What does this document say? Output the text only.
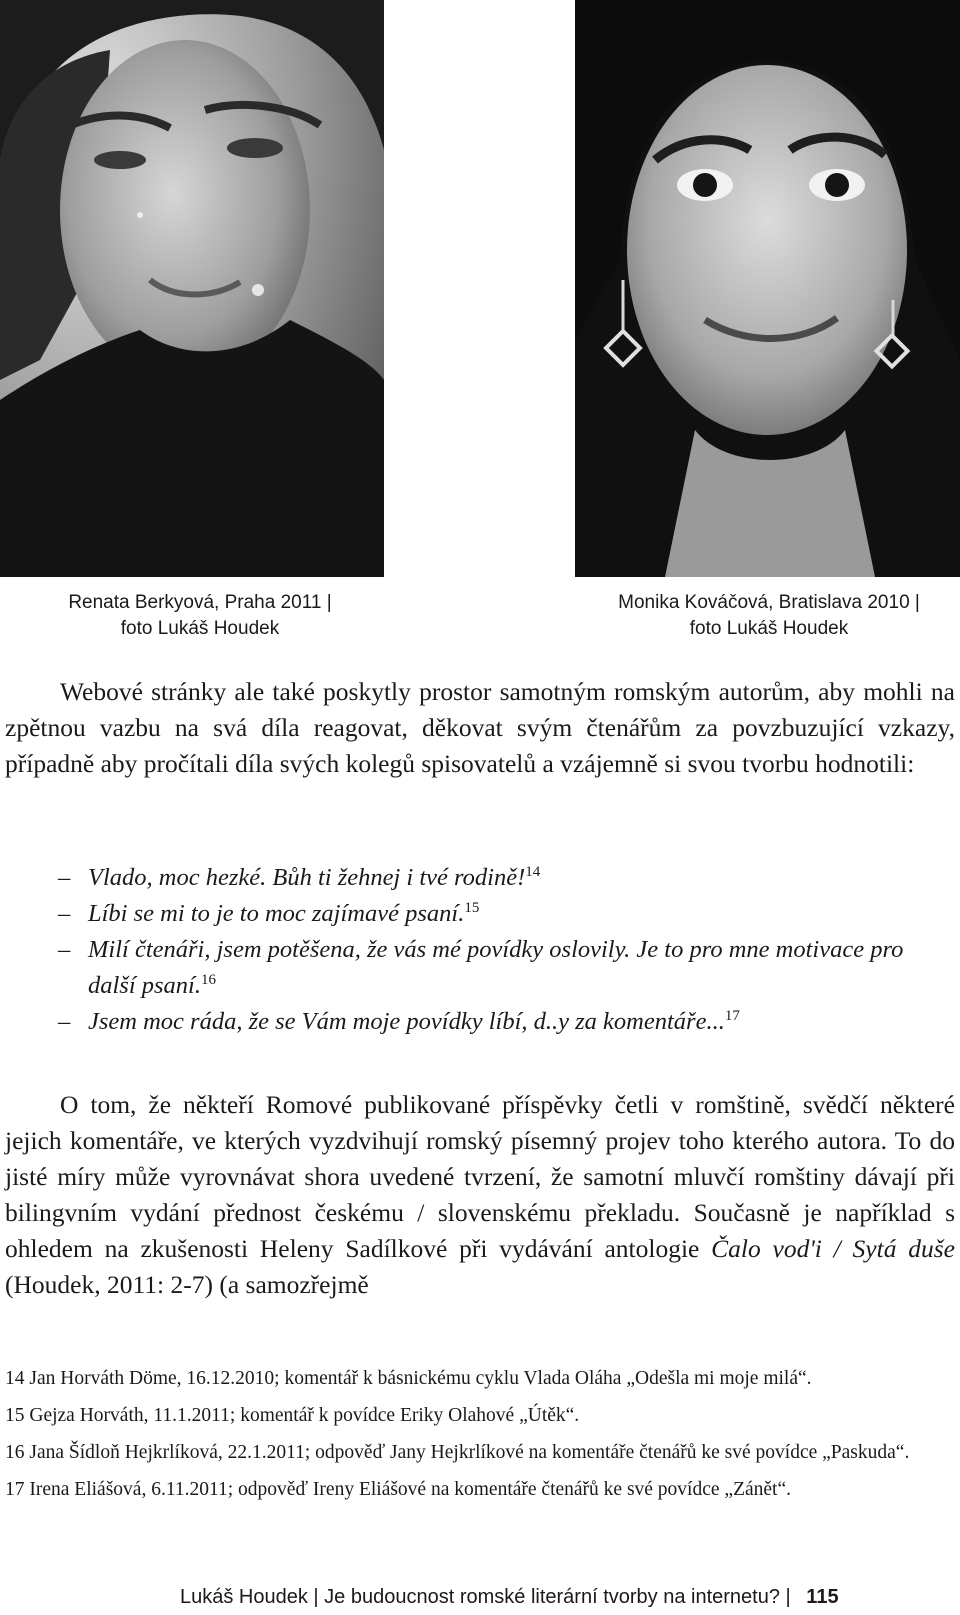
Renata Berkyová, Praha 2011 |
foto Lukáš Houdek
Monika Kováčová, Bratislava 2010 |
foto Lukáš Houdek

Webové stránky ale také poskytly prostor samotným romským autorům, aby mohli na zpětnou vazbu na svá díla reagovat, děkovat svým čtenářům za povzbuzující vzkazy, případně aby pročítali díla svých kolegů spisovatelů a vzájemně si svou tvorbu hodnotili:

– Vlado, moc hezké. Bůh ti žehnej i tvé rodině!$^{14}$
– Líbi se mi to je to moc zajímavé psaní.$^{15}$
– Milí čtenáři, jsem potěšena, že vás mé povídky oslovily. Je to pro mne motivace pro další psaní.$^{16}$
– Jsem moc ráda, že se Vám moje povídky líbí, d..y za komentáře...$^{17}$

O tom, že někteří Romové publikované příspěvky četli v romštině, svědčí některé jejich komentáře, ve kterých vyzdvihují romský písemný projev toho kterého autora. To do jisté míry může vyrovnávat shora uvedené tvrzení, že samotní mluvčí romštiny dávají při bilingvním vydání přednost českému / slovenskému překladu. Současně je například s ohledem na zkušenosti Heleny Sadílkové při vydávání antologie Čalo vod'i / Sytá duše (Houdek, 2011: 2-7) (a samozřejmě

14 Jan Horváth Döme, 16.12.2010; komentář k básnickému cyklu Vlada Oláha „Odešla mi moje milá“.

15 Gejza Horváth, 11.1.2011; komentář k povídce Eriky Olahové „Útěk“.

16 Jana Šídloň Hejkrlíková, 22.1.2011; odpověď Jany Hejkrlíkové na komentáře čtenářů ke své povídce „Paskuda“.

17 Irena Eliášová, 6.11.2011; odpověď Ireny Eliášové na komentáře čtenářů ke své povídce „Zánět“.

Lukáš Houdek | Je budoucnost romské literární tvorby na internetu? | 115
